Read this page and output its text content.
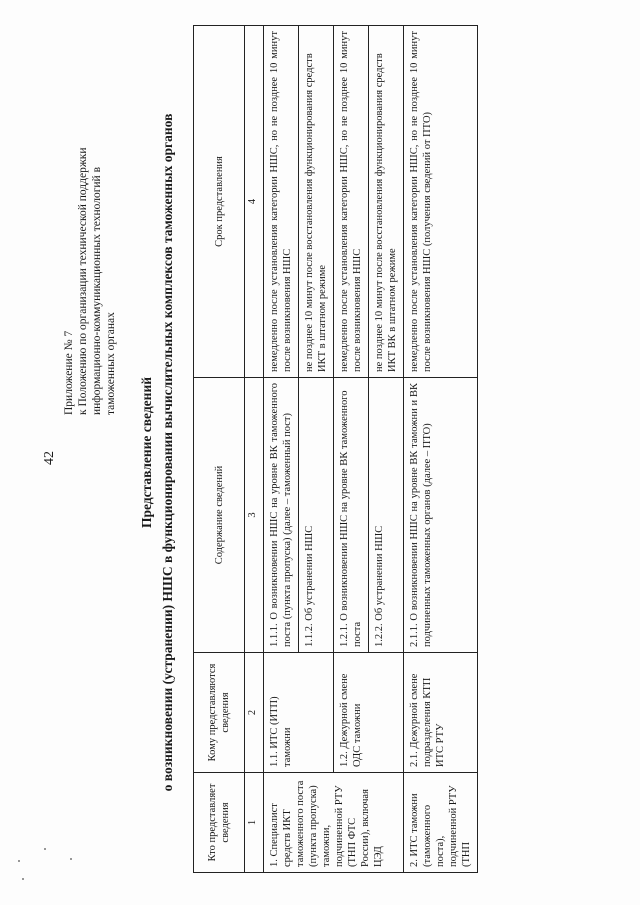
42
Приложение № 7 к Положению по организации технической поддержки информационно-коммуникационных технологий в таможенных органах
Представление сведений о возникновении (устранении) НШС в функционировании вычислительных комплексов таможенных органов
Кто представляет сведения	Кому представляются сведения	Содержание сведений	Срок представления
1	2	3	4
1. Специалист средств ИКТ таможенного поста (пункта пропуска) таможни, подчиненной РТУ (ТНП ФТС России), включая ЦЭД	1.1. ИТС (ИТП) таможни	1.1.1. О возникновении НШС на уровне ВК таможенного поста (пункта пропуска) (далее – таможенный пост)	немедленно после установления категории НШС, но не позднее 10 минут после возникновения НШС
		1.1.2. Об устранении НШС	не позднее 10 минут после восстановления функционирования средств ИКТ в штатном режиме
	1.2. Дежурной смене ОДС таможни	1.2.1. О возникновении НШС на уровне ВК таможенного поста	немедленно после установления категории НШС, но не позднее 10 минут после возникновения НШС
		1.2.2. Об устранении НШС	не позднее 10 минут после восстановления функционирования средств ИКТ ВК в штатном режиме
2. ИТС таможни (таможенного поста), подчиненной РТУ (ТНП	2.1. Дежурной смене подразделения КТП ИТС РТУ	2.1.1. О возникновении НШС на уровне ВК таможни и ВК подчиненных таможенных органов (далее – ПТО)	немедленно после установления категории НШС, но не позднее 10 минут после возникновения НШС (получения сведений от ПТО)
